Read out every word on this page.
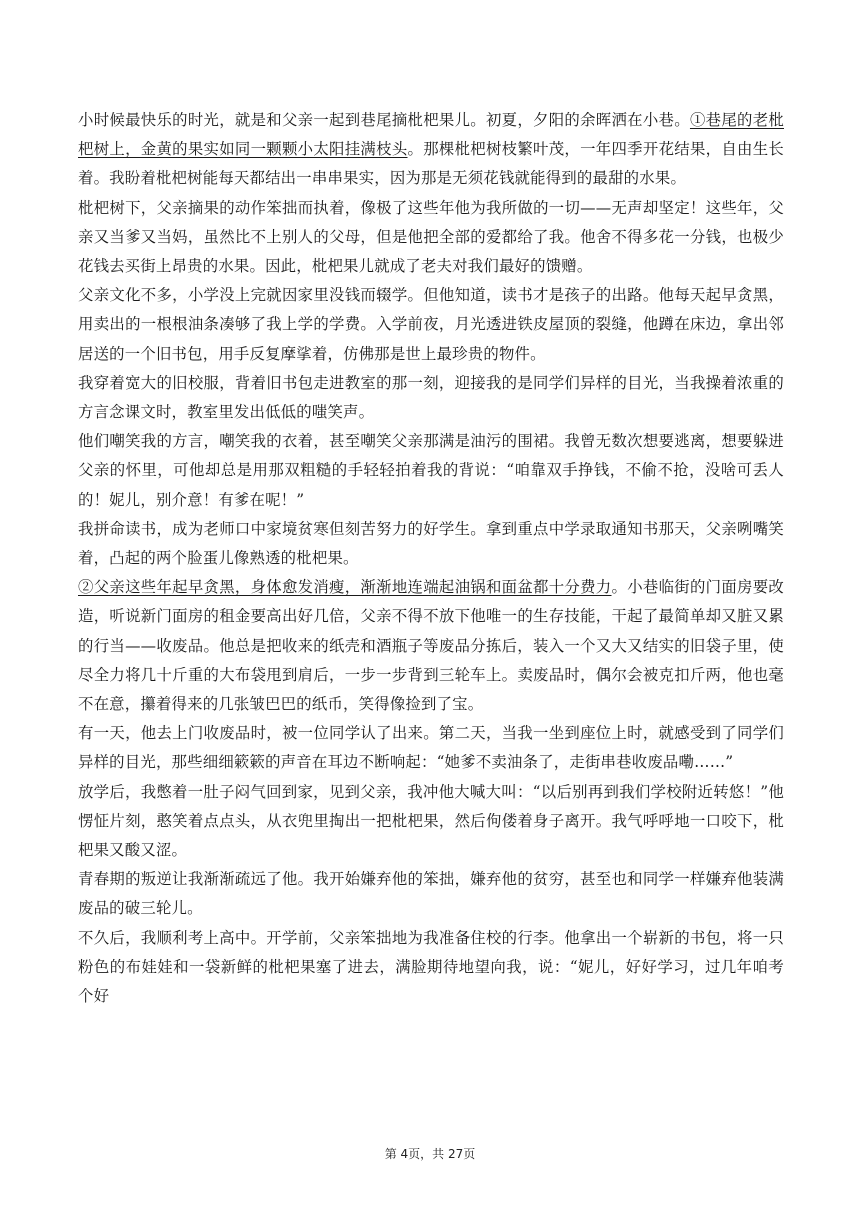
小时候最快乐的时光，就是和父亲一起到巷尾摘枇杷果儿。初夏，夕阳的余晖洒在小巷。①巷尾的老枇杷树上，金黄的果实如同一颗颗小太阳挂满枝头。那棵枇杷树枝繁叶茂，一年四季开花结果，自由生长着。我盼着枇杷树能每天都结出一串串果实，因为那是无须花钱就能得到的最甜的水果。

枇杷树下，父亲摘果的动作笨拙而执着，像极了这些年他为我所做的一切——无声却坚定！这些年，父亲又当爹又当妈，虽然比不上别人的父母，但是他把全部的爱都给了我。他舍不得多花一分钱，也极少花钱去买街上昂贵的水果。因此，枇杷果儿就成了老夫对我们最好的馈赠。

父亲文化不多，小学没上完就因家里没钱而辍学。但他知道，读书才是孩子的出路。他每天起早贪黑，用卖出的一根根油条凑够了我上学的学费。入学前夜，月光透进铁皮屋顶的裂缝，他蹲在床边，拿出邻居送的一个旧书包，用手反复摩挲着，仿佛那是世上最珍贵的物件。

我穿着宽大的旧校服，背着旧书包走进教室的那一刻，迎接我的是同学们异样的目光，当我操着浓重的方言念课文时，教室里发出低低的嗤笑声。

他们嘲笑我的方言，嘲笑我的衣着，甚至嘲笑父亲那满是油污的围裙。我曾无数次想要逃离，想要躲进父亲的怀里，可他却总是用那双粗糙的手轻轻拍着我的背说：“咱靠双手挣钱，不偷不抢，没啥可丢人的！妮儿，别介意！有爹在呢！”

我拼命读书，成为老师口中家境贫寒但刻苦努力的好学生。拿到重点中学录取通知书那天，父亲咧嘴笑着，凸起的两个脸蛋儿像熟透的枇杷果。

②父亲这些年起早贪黑，身体愈发消瘦，渐渐地连端起油锅和面盆都十分费力。小巷临街的门面房要改造，听说新门面房的租金要高出好几倍，父亲不得不放下他唯一的生存技能，干起了最简单却又脏又累的行当——收废品。他总是把收来的纸壳和酒瓶子等废品分拣后，装入一个又大又结实的旧袋子里，使尽全力将几十斤重的大布袋甩到肩后，一步一步背到三轮车上。卖废品时，偶尔会被克扣斤两，他也毫不在意，攥着得来的几张皱巴巴的纸币，笑得像捡到了宝。

有一天，他去上门收废品时，被一位同学认了出来。第二天，当我一坐到座位上时，就感受到了同学们异样的目光，那些细细簌簌的声音在耳边不断响起：“她爹不卖油条了，走街串巷收废品嘞……”

放学后，我憋着一肚子闷气回到家，见到父亲，我冲他大喊大叫：“以后别再到我们学校附近转悠！”他愣怔片刻，憨笑着点点头，从衣兜里掏出一把枇杷果，然后佝偻着身子离开。我气呼呼地一口咬下，枇杷果又酸又涩。

青春期的叛逆让我渐渐疏远了他。我开始嫌弃他的笨拙，嫌弃他的贫穷，甚至也和同学一样嫌弃他装满废品的破三轮儿。

不久后，我顺利考上高中。开学前，父亲笨拙地为我准备住校的行李。他拿出一个崭新的书包，将一只粉色的布娃娃和一袋新鲜的枇杷果塞了进去，满脸期待地望向我，说：“妮儿，好好学习，过几年咱考个好

第 4页，共 27页
